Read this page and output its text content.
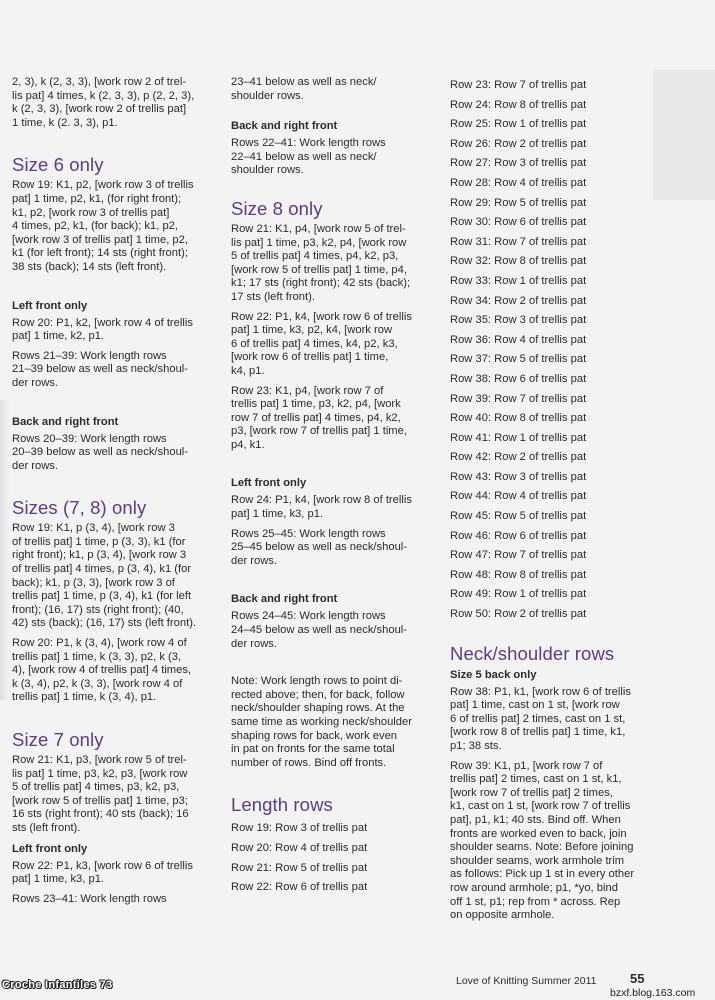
2, 3), k (2, 3, 3), [work row 2 of trel-
lis pat] 4 times, k (2, 3, 3), p (2, 2, 3),
k (2, 3, 3), [work row 2 of trellis pat]
1 time, k (2. 3, 3), p1.
Size 6 only
Row 19: K1, p2, [work row 3 of trellis
pat] 1 time, p2, k1, (for right front);
k1, p2, [work row 3 of trellis pat]
4 times, p2, k1, (for back); k1, p2,
[work row 3 of trellis pat] 1 time, p2,
k1 (for left front); 14 sts (right front);
38 sts (back); 14 sts (left front).
Left front only
Row 20: P1, k2, [work row 4 of trellis
pat] 1 time, k2, p1.
Rows 21–39: Work length rows
21–39 below as well as neck/shoul-
der rows.
Back and right front
Rows 20–39: Work length rows
20–39 below as well as neck/shoul-
der rows.
Sizes (7, 8) only
Row 19: K1, p (3, 4), [work row 3
of trellis pat] 1 time, p (3, 3), k1 (for
right front); k1, p (3, 4), [work row 3
of trellis pat] 4 times, p (3, 4), k1 (for
back); k1, p (3, 3), [work row 3 of
trellis pat] 1 time, p (3, 4), k1 (for left
front); (16, 17) sts (right front); (40,
42) sts (back); (16, 17) sts (left front).
Row 20: P1, k (3, 4), [work row 4 of
trellis pat] 1 time, k (3, 3), p2, k (3,
4), [work row 4 of trellis pat] 4 times,
k (3, 4), p2, k (3, 3), [work row 4 of
trellis pat] 1 time, k (3, 4), p1.
Size 7 only
Row 21: K1, p3, [work row 5 of trel-
lis pat] 1 time, p3, k2, p3, [work row
5 of trellis pat] 4 times, p3, k2, p3,
[work row 5 of trellis pat] 1 time, p3;
16 sts (right front); 40 sts (back); 16
sts (left front).
Left front only
Row 22: P1, k3, [work row 6 of trellis
pat] 1 time, k3, p1.
Rows 23–41: Work length rows
23–41 below as well as neck/
shoulder rows.
Back and right front
Rows 22–41: Work length rows
22–41 below as well as neck/
shoulder rows.
Size 8 only
Row 21: K1, p4, [work row 5 of trel-
lis pat] 1 time, p3, k2, p4, [work row
5 of trellis pat] 4 times, p4, k2, p3,
[work row 5 of trellis pat] 1 time, p4,
k1; 17 sts (right front); 42 sts (back);
17 sts (left front).
Row 22: P1, k4, [work row 6 of trellis
pat] 1 time, k3, p2, k4, [work row
6 of trellis pat] 4 times, k4, p2, k3,
[work row 6 of trellis pat] 1 time,
k4, p1.
Row 23: K1, p4, [work row 7 of
trellis pat] 1 time, p3, k2, p4, [work
row 7 of trellis pat] 4 times, p4, k2,
p3, [work row 7 of trellis pat] 1 time,
p4, k1.
Left front only
Row 24: P1, k4, [work row 8 of trellis
pat] 1 time, k3, p1.
Rows 25–45: Work length rows
25–45 below as well as neck/shoul-
der rows.
Back and right front
Rows 24–45: Work length rows
24–45 below as well as neck/shoul-
der rows.
Note: Work length rows to point di-
rected above; then, for back, follow
neck/shoulder shaping rows. At the
same time as working neck/shoulder
shaping rows for back, work even
in pat on fronts for the same total
number of rows. Bind off fronts.
Length rows
Row 19: Row 3 of trellis pat
Row 20: Row 4 of trellis pat
Row 21: Row 5 of trellis pat
Row 22: Row 6 of trellis pat
Row 23: Row 7 of trellis pat
Row 24: Row 8 of trellis pat
Row 25: Row 1 of trellis pat
Row 26: Row 2 of trellis pat
Row 27: Row 3 of trellis pat
Row 28: Row 4 of trellis pat
Row 29: Row 5 of trellis pat
Row 30: Row 6 of trellis pat
Row 31: Row 7 of trellis pat
Row 32: Row 8 of trellis pat
Row 33: Row 1 of trellis pat
Row 34: Row 2 of trellis pat
Row 35: Row 3 of trellis pat
Row 36: Row 4 of trellis pat
Row 37: Row 5 of trellis pat
Row 38: Row 6 of trellis pat
Row 39: Row 7 of trellis pat
Row 40: Row 8 of trellis pat
Row 41: Row 1 of trellis pat
Row 42: Row 2 of trellis pat
Row 43: Row 3 of trellis pat
Row 44: Row 4 of trellis pat
Row 45: Row 5 of trellis pat
Row 46: Row 6 of trellis pat
Row 47: Row 7 of trellis pat
Row 48: Row 8 of trellis pat
Row 49: Row 1 of trellis pat
Row 50: Row 2 of trellis pat
Neck/shoulder rows
Size 5 back only
Row 38: P1, k1, [work row 6 of trellis
pat] 1 time, cast on 1 st, [work row
6 of trellis pat] 2 times, cast on 1 st,
[work row 8 of trellis pat] 1 time, k1,
p1; 38 sts.
Row 39: K1, p1, [work row 7 of
trellis pat] 2 times, cast on 1 st, k1,
[work row 7 of trellis pat] 2 times,
k1, cast on 1 st, [work row 7 of trellis
pat], p1, k1; 40 sts. Bind off. When
fronts are worked even to back, join
shoulder seams. Note: Before joining
shoulder seams, work armhole trim
as follows: Pick up 1 st in every other
row around armhole; p1, *yo, bind
off 1 st, p1; rep from * across. Rep
on opposite armhole.
Croche Infantiles 73	Love of Knitting Summer 2011	55
bzxf.blog.163.com
